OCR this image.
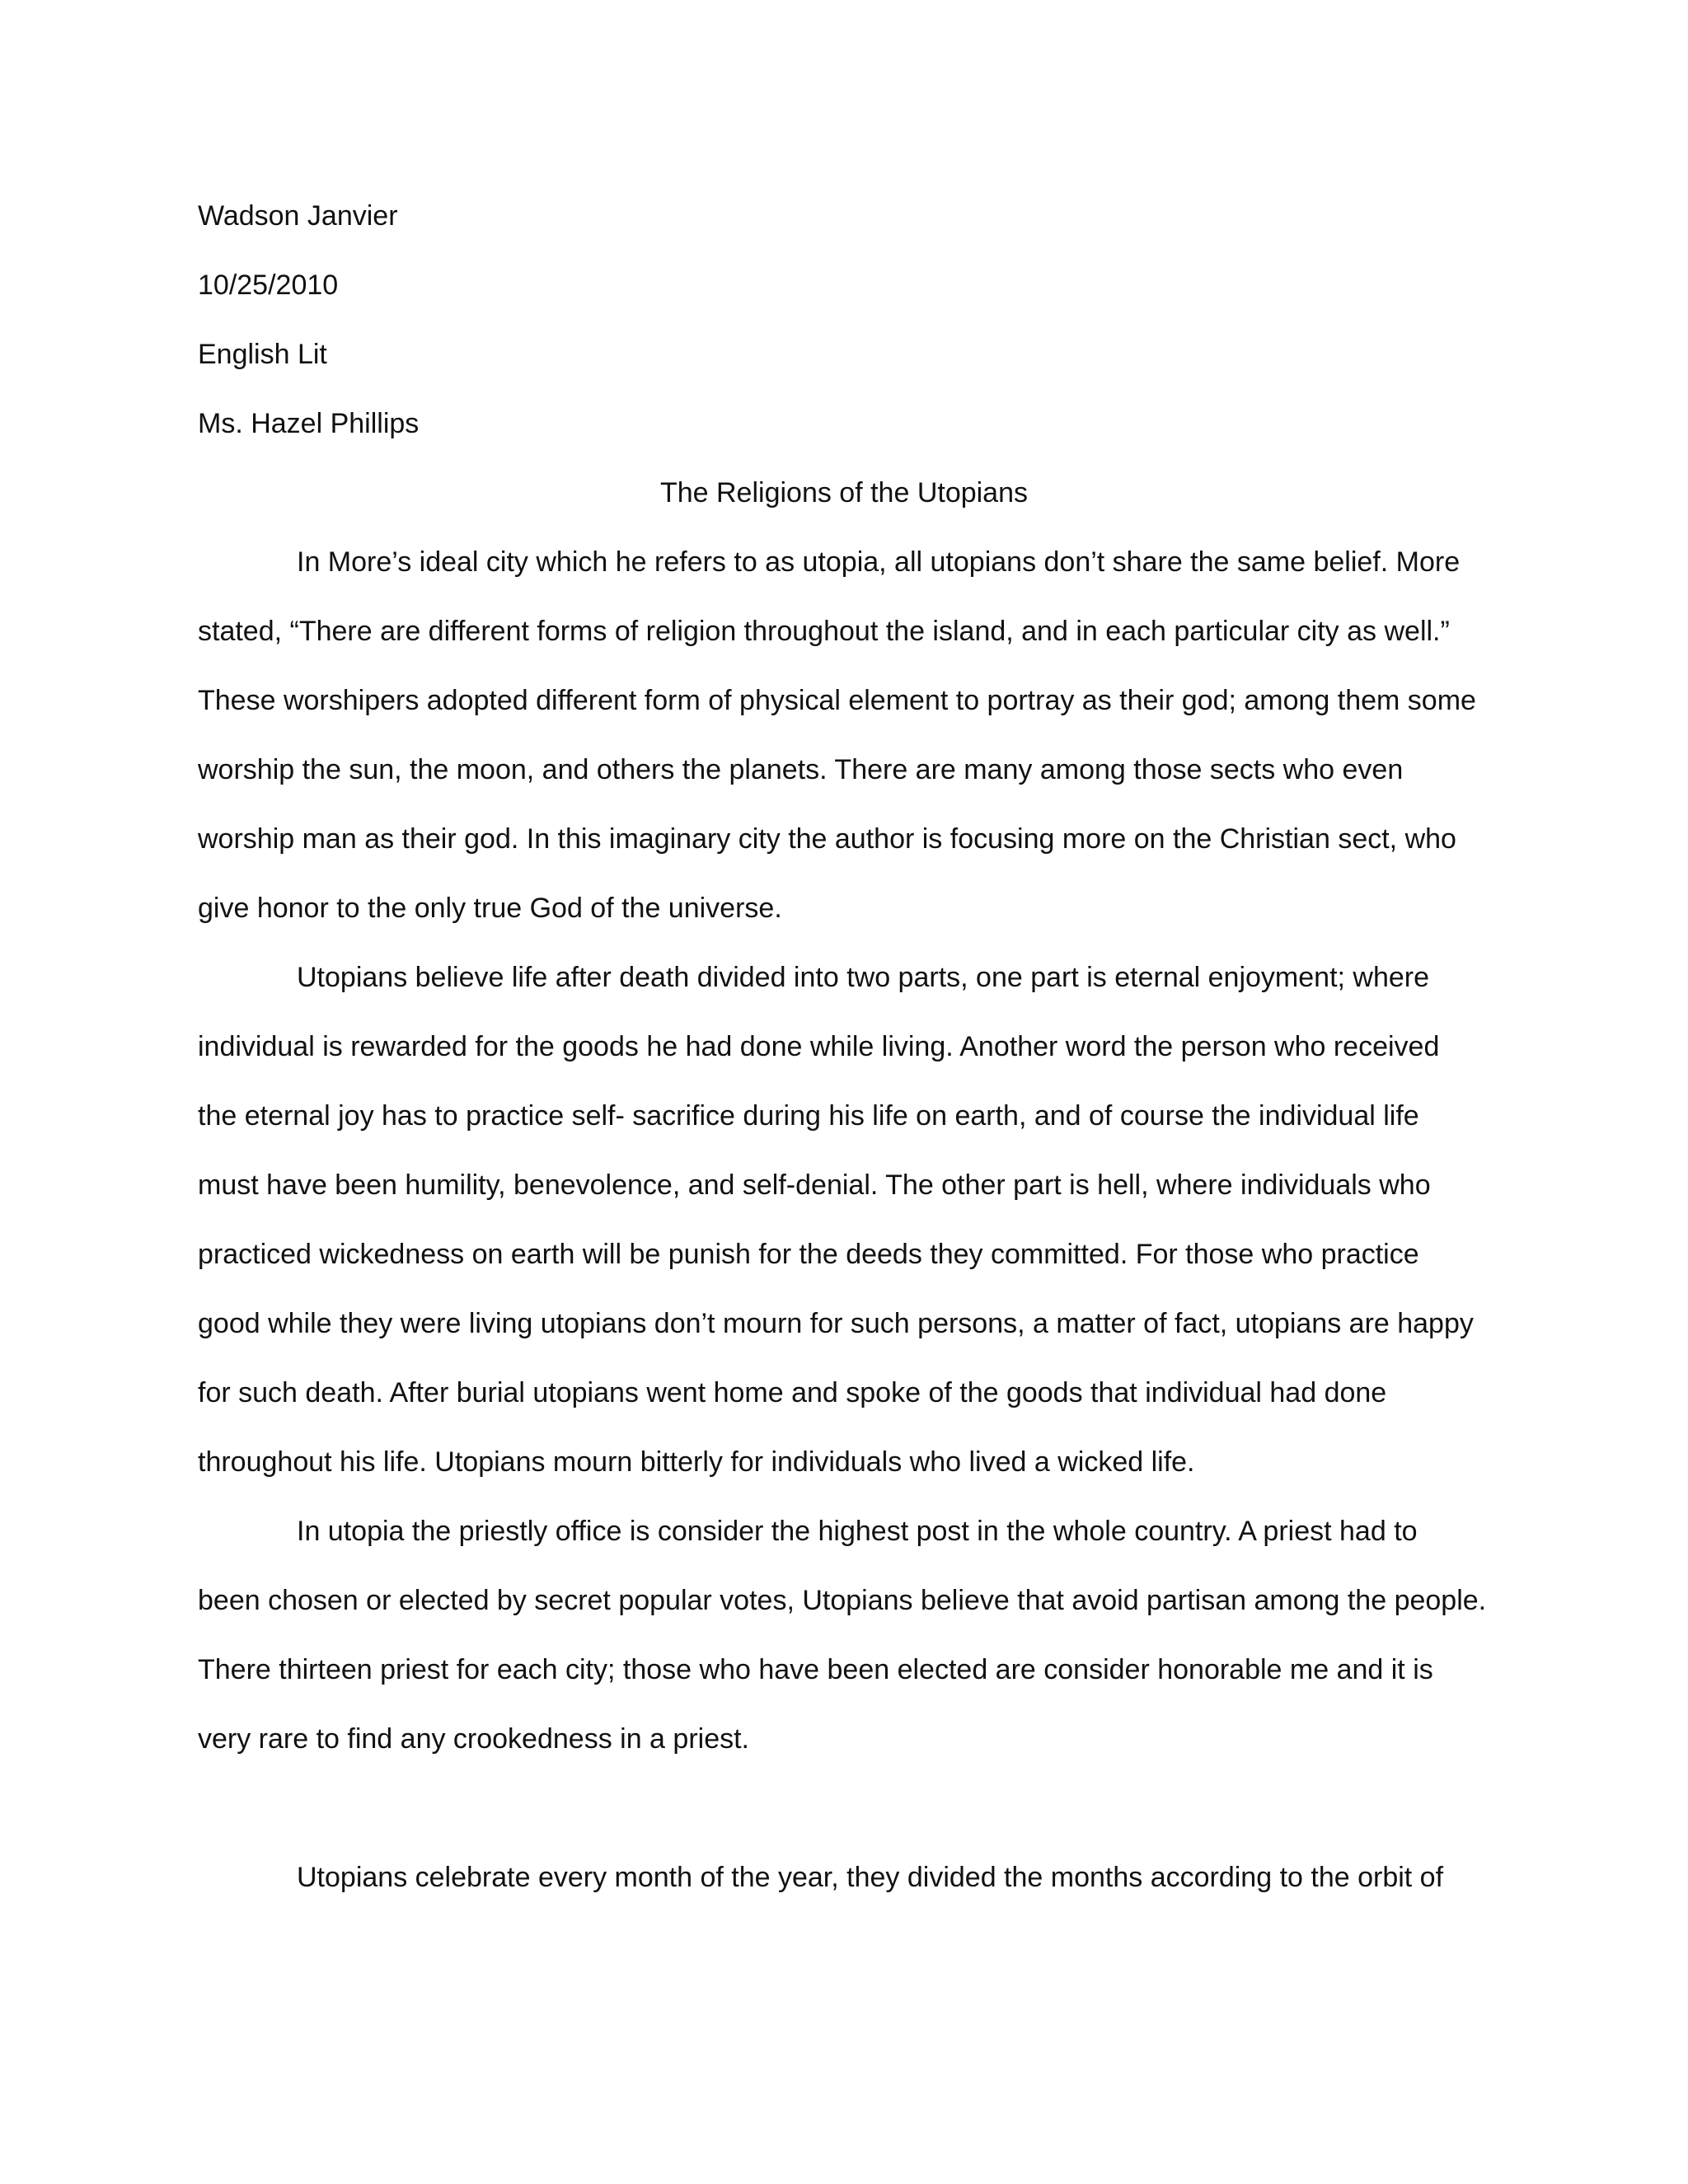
Wadson Janvier
10/25/2010
English Lit
Ms. Hazel Phillips
The Religions of the Utopians
In More’s ideal city which he refers to as utopia, all utopians don’t share the same belief. More
stated, “There are different forms of religion throughout the island, and in each particular city as well.”
These worshipers adopted different form of physical element to portray as their god; among them some
worship the sun, the moon, and others the planets. There are many among those sects who even
worship man as their god. In this imaginary city the author is focusing more on the Christian sect, who
give honor to the only true God of the universe.
Utopians believe life after death divided into two parts, one part is eternal enjoyment; where
individual is rewarded for the goods he had done while living. Another word the person who received
the eternal joy has to practice self- sacrifice during his life on earth, and of course the individual life
must have been humility, benevolence, and self-denial. The other part is hell, where individuals who
practiced wickedness on earth will be punish for the deeds they committed. For those who practice
good while they were living utopians don’t mourn for such persons, a matter of fact, utopians are happy
for such death. After burial utopians went home and spoke of the goods that individual had done
throughout his life. Utopians mourn bitterly for individuals who lived a wicked life.
In utopia the priestly office is consider the highest post in the whole country. A priest had to
been chosen or elected by secret popular votes, Utopians believe that avoid partisan among the people.
There thirteen priest for each city; those who have been elected are consider honorable me and it is
very rare to find any crookedness in a priest.
Utopians celebrate every month of the year, they divided the months according to the orbit of
